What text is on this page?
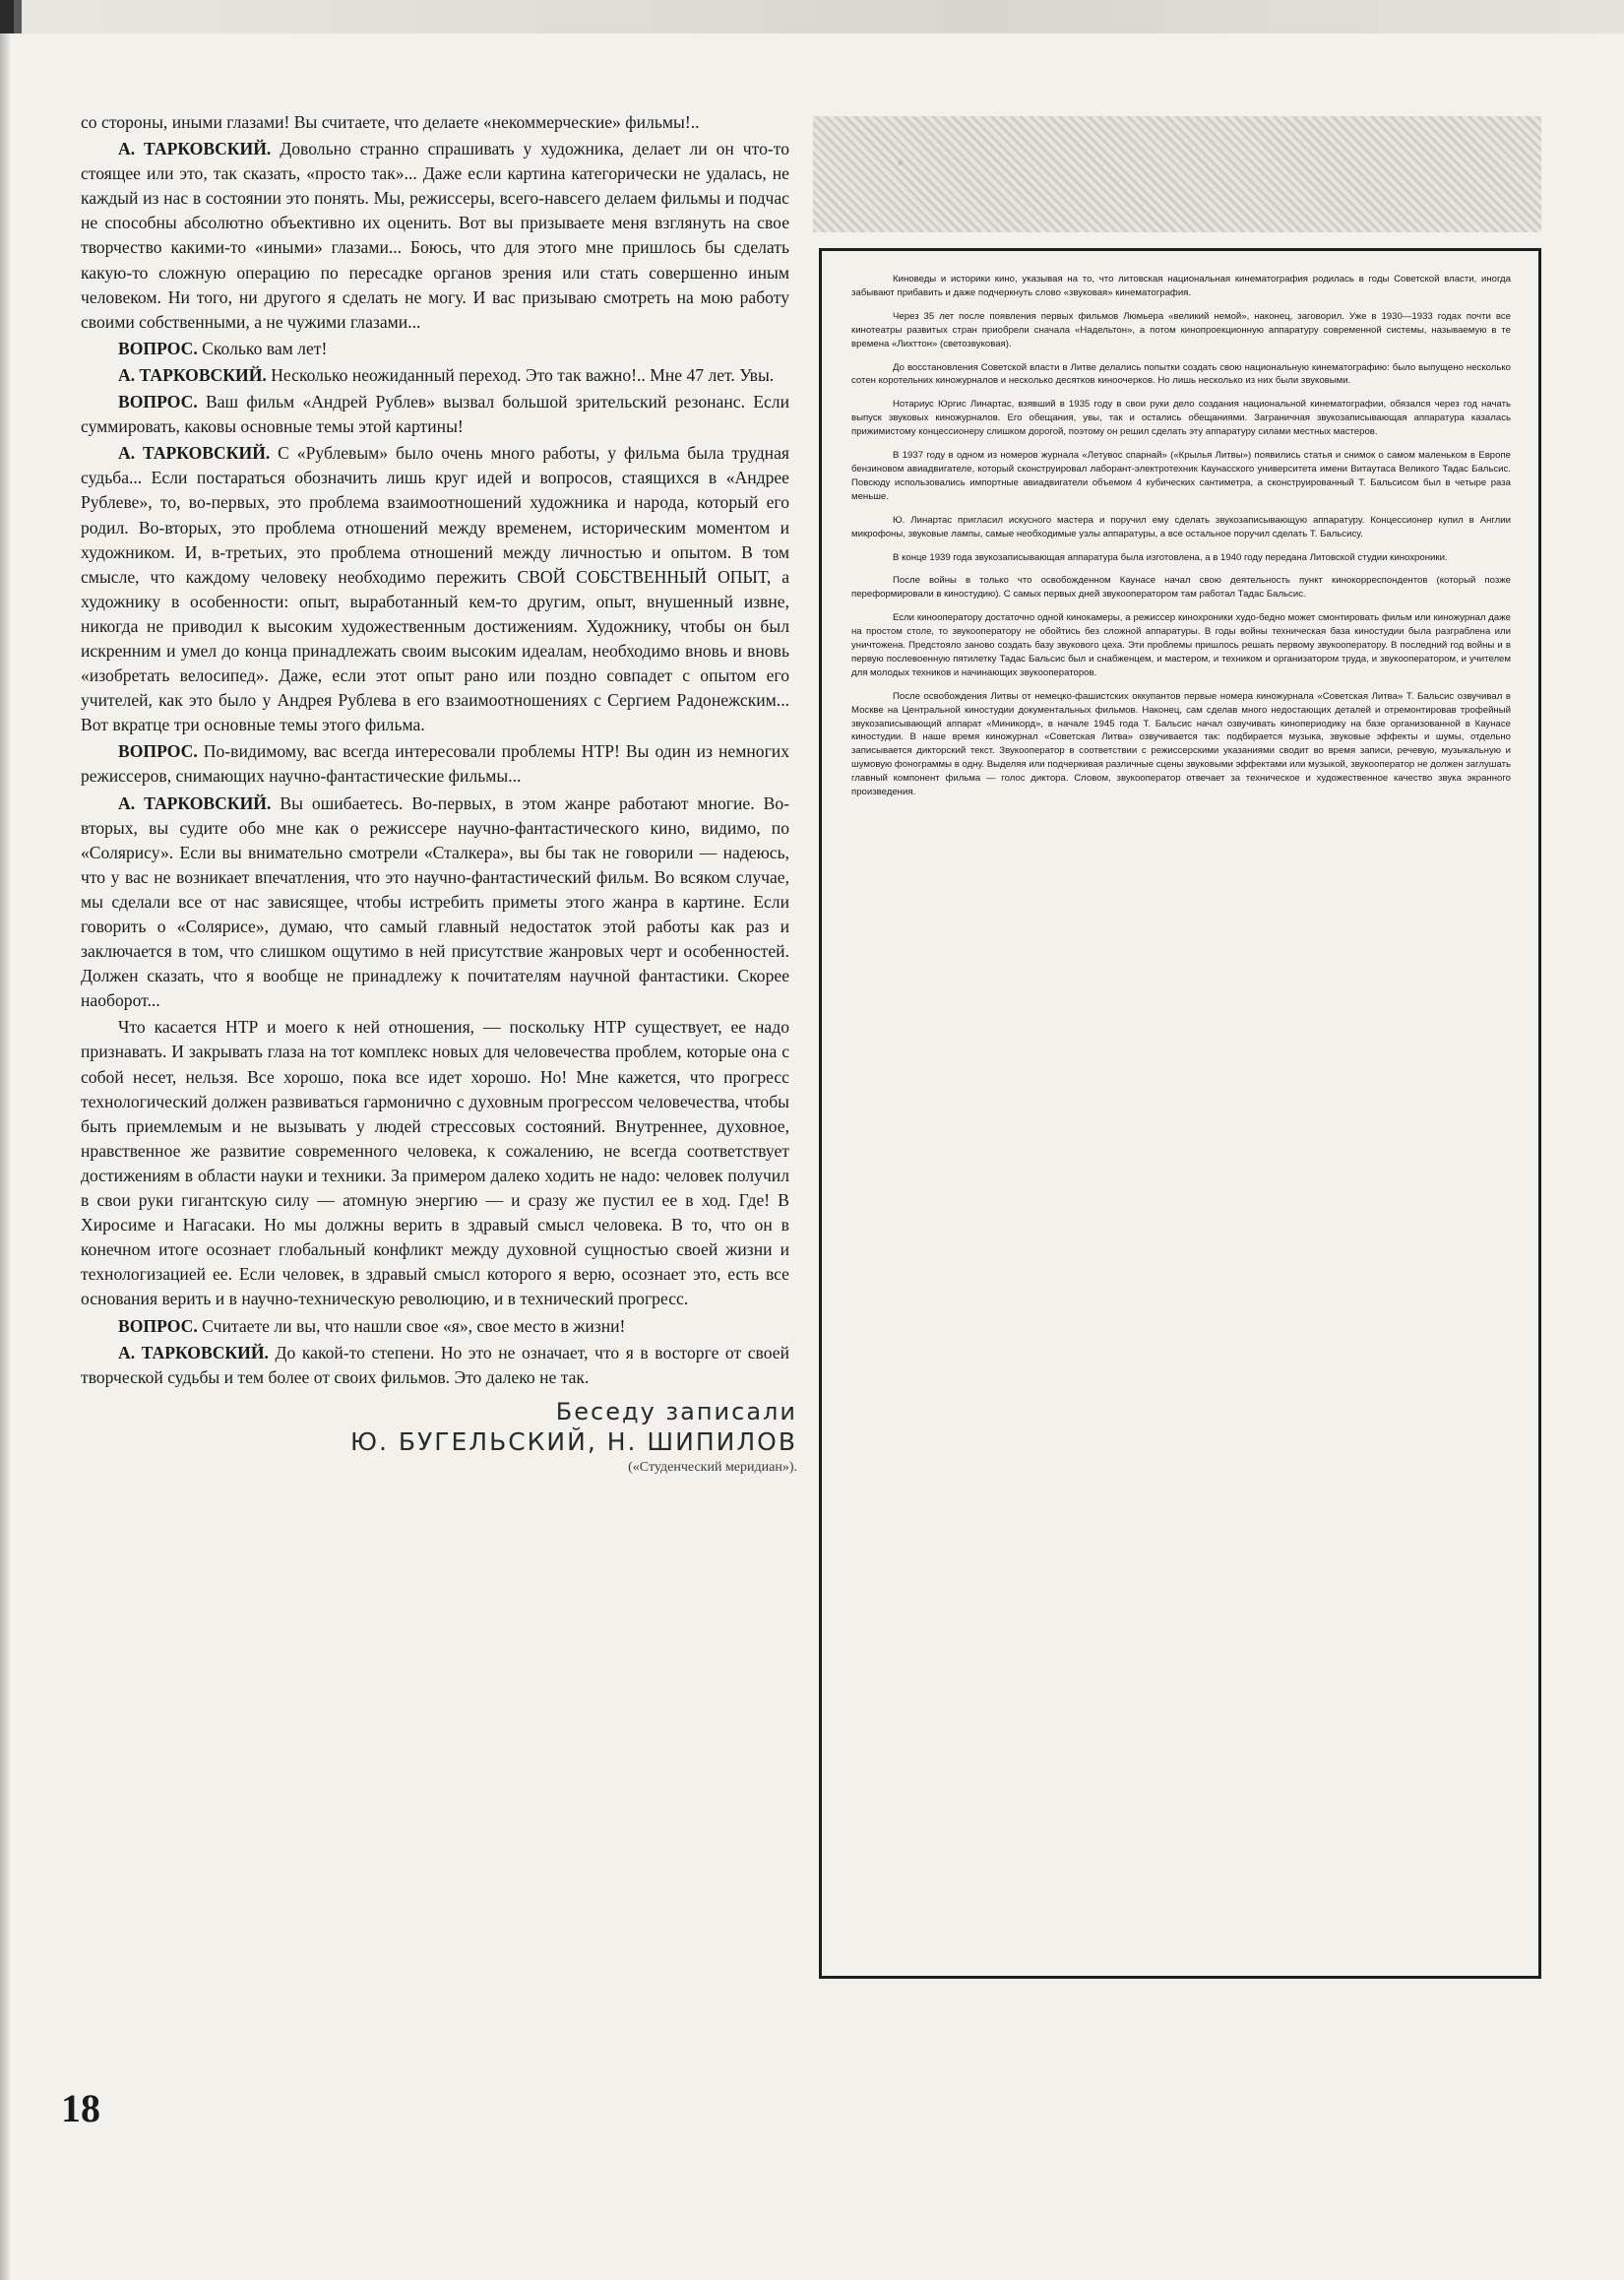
со стороны, иными глазами! Вы считаете, что делаете «некоммерческие» фильмы!..

А. ТАРКОВСКИЙ. Довольно странно спрашивать у художника, делает ли он что-то стоящее или это, так сказать, «просто так»... Даже если картина категорически не удалась, не каждый из нас в состоянии это понять. Мы, режиссеры, всего-навсего делаем фильмы и подчас не способны абсолютно объективно их оценить. Вот вы призываете меня взглянуть на свое творчество какими-то «иными» глазами... Боюсь, что для этого мне пришлось бы сделать какую-то сложную операцию по пересадке органов зрения или стать совершенно иным человеком. Ни того, ни другого я сделать не могу. И вас призываю смотреть на мою работу своими собственными, а не чужими глазами...

ВОПРОС. Сколько вам лет!

А. ТАРКОВСКИЙ. Несколько неожиданный переход. Это так важно!.. Мне 47 лет. Увы.

ВОПРОС. Ваш фильм «Андрей Рублев» вызвал большой зрительский резонанс. Если суммировать, каковы основные темы этой картины!

А. ТАРКОВСКИЙ. С «Рублевым» было очень много работы, у фильма была трудная судьба... Если постараться обозначить лишь круг идей и вопросов, стаящихся в «Андрее Рублеве», то, во-первых, это проблема взаимоотношений художника и народа, который его родил. Во-вторых, это проблема отношений между временем, историческим моментом и художником. И, в-третьих, это проблема отношений между личностью и опытом. В том смысле, что каждому человеку необходимо пережить СВОЙ СОБСТВЕННЫЙ ОПЫТ, а художнику в особенности: опыт, выработанный кем-то другим, опыт, внушенный извне, никогда не приводил к высоким художественным достижениям. Художнику, чтобы он был искренним и умел до конца принадлежать своим высоким идеалам, необходимо вновь и вновь «изобретать велосипед». Даже, если этот опыт рано или поздно совпадет с опытом его учителей, как это было у Андрея Рублева в его взаимоотношениях с Сергием Радонежским... Вот вкратце три основные темы этого фильма.

ВОПРОС. По-видимому, вас всегда интересовали проблемы НТР! Вы один из немногих режиссеров, снимающих научно-фантастические фильмы...

А. ТАРКОВСКИЙ. Вы ошибаетесь. Во-первых, в этом жанре работают многие. Во-вторых, вы судите обо мне как о режиссере научно-фантастического кино, видимо, по «Солярису». Если вы внимательно смотрели «Сталкера», вы бы так не говорили — надеюсь, что у вас не возникает впечатления, что это научно-фантастический фильм. Во всяком случае, мы сделали все от нас зависящее, чтобы истребить приметы этого жанра в картине. Если говорить о «Солярисе», думаю, что самый главный недостаток этой работы как раз и заключается в том, что слишком ощутимо в ней присутствие жанровых черт и особенностей. Должен сказать, что я вообще не принадлежу к почитателям научной фантастики. Скорее наоборот...

Что касается НТР и моего к ней отношения, — поскольку НТР существует, ее надо признавать. И закрывать глаза на тот комплекс новых для человечества проблем, которые она с собой несет, нельзя. Все хорошо, пока все идет хорошо. Но! Мне кажется, что прогресс технологический должен развиваться гармонично с духовным прогрессом человечества, чтобы быть приемлемым и не вызывать у людей стрессовых состояний. Внутреннее, духовное, нравственное же развитие современного человека, к сожалению, не всегда соответствует достижениям в области науки и техники. За примером далеко ходить не надо: человек получил в свои руки гигантскую силу — атомную энергию — и сразу же пустил ее в ход. Где! В Хиросиме и Нагасаки. Но мы должны верить в здравый смысл человека. В то, что он в конечном итоге осознает глобальный конфликт между духовной сущностью своей жизни и технологизацией ее. Если человек, в здравый смысл которого я верю, осознает это, есть все основания верить и в научно-техническую революцию, и в технический прогресс.

ВОПРОС. Считаете ли вы, что нашли свое «я», свое место в жизни!

А. ТАРКОВСКИЙ. До какой-то степени. Но это не означает, что я в восторге от своей творческой судьбы и тем более от своих фильмов. Это далеко не так.

Киноведы и историки кино, указывая на то, что литовская национальная кинематография родилась в годы Советской власти, иногда забывают прибавить и даже подчеркнуть слово «звуковая» кинематография.

Через 35 лет после появления первых фильмов Люмьера «великий немой», наконец, заговорил. Уже в 1930—1933 годах почти все кинотеатры развитых стран приобрели сначала «Надельтон», а потом кинопроекционную аппаратуру современной системы, называемую в те времена «Лихттон» (светозвуковая).

До восстановления Советской власти в Литве делались попытки создать свою национальную кинематографию: было выпущено несколько сотен коротельних киножурналов и несколько десятков киноочерков. Но лишь несколько из них были звуковыми.

Нотариус Юргис Линартас, взявший в 1935 году в свои руки дело создания национальной кинематографии, обязался через год начать выпуск звуковых киножурналов. Его обещания, увы, так и остались обещаниями. Заграничная звукозаписывающая аппаратура казалась прижимистому концессионеру слишком дорогой, поэтому он решил сделать эту аппаратуру силами местных мастеров.

В 1937 году в одном из номеров журнала «Летувос спарнай» («Крылья Литвы») появились статья и снимок о самом маленьком в Европе бензиновом авиадвигателе, который сконструировал лаборант-электротехник Каунасского университета имени Витаутаса Великого Тадас Бальсис. Повсюду использовались импортные авиадвигатели объемом 4 кубических сантиметра, а сконструированный Т. Бальсисом был в четыре раза меньше.

Ю. Линартас пригласил искусного мастера и поручил ему сделать звукозаписывающую аппаратуру. Концессионер купил в Англии микрофоны, звуковые лампы, самые необходимые узлы аппаратуры, а все остальное поручил сделать Т. Бальсису.

В конце 1939 года звукозаписывающая аппаратура была изготовлена, а в 1940 году передана Литовской студии кинохроники.

После войны в только что освобожденном Каунасе начал свою деятельность пункт кинокорреспондентов (который позже переформировали в киностудию). С самых первых дней звукооператором там работал Тадас Бальсис.

Если кинооператору достаточно одной кинокамеры, а режиссер кинохроники худо-бедно может смонтировать фильм или киножурнал даже на простом столе, то звукооператору не обойтись без сложной аппаратуры. В годы войны техническая база киностудии была разграблена или уничтожена. Предстояло заново создать базу звукового цеха. Эти проблемы пришлось решать первому звукооператору. В последний год войны и в первую послевоенную пятилетку Тадас Бальсис был и снабженцем, и мастером, и техником и организатором труда, и звукооператором, и учителем для молодых техников и начинающих звукооператоров.

После освобождения Литвы от немецко-фашистских оккупантов первые номера киножурнала «Советская Литва» Т. Бальсис озвучивал в Москве на Центральной киностудии документальных фильмов. Наконец, сам сделав много недостающих деталей и отремонтировав трофейный звукозаписывающий аппарат «Миникорд», в начале 1945 года Т. Бальсис начал озвучивать кинопериодику на базе организованной в Каунасе киностудии. В наше время киножурнал «Советская Литва» озвучивается так: подбирается музыка, звуковые эффекты и шумы, отдельно записывается дикторский текст. Звукооператор в соответствии с режиссерскими указаниями сводит во время записи, речевую, музыкальную и шумовую фонограммы в одну. Выделяя или подчеркивая различные сцены звуковыми эффектами или музыкой, звукооператор не должен заглушать главный компонент фильма — голос диктора. Словом, звукооператор отвечает за техническое и художественное качество звука экранного произведения.

18
Беседу записали
Ю. БУГЕЛЬСКИЙ, Н. ШИПИЛОВ
(«Студенческий меридиан»).
